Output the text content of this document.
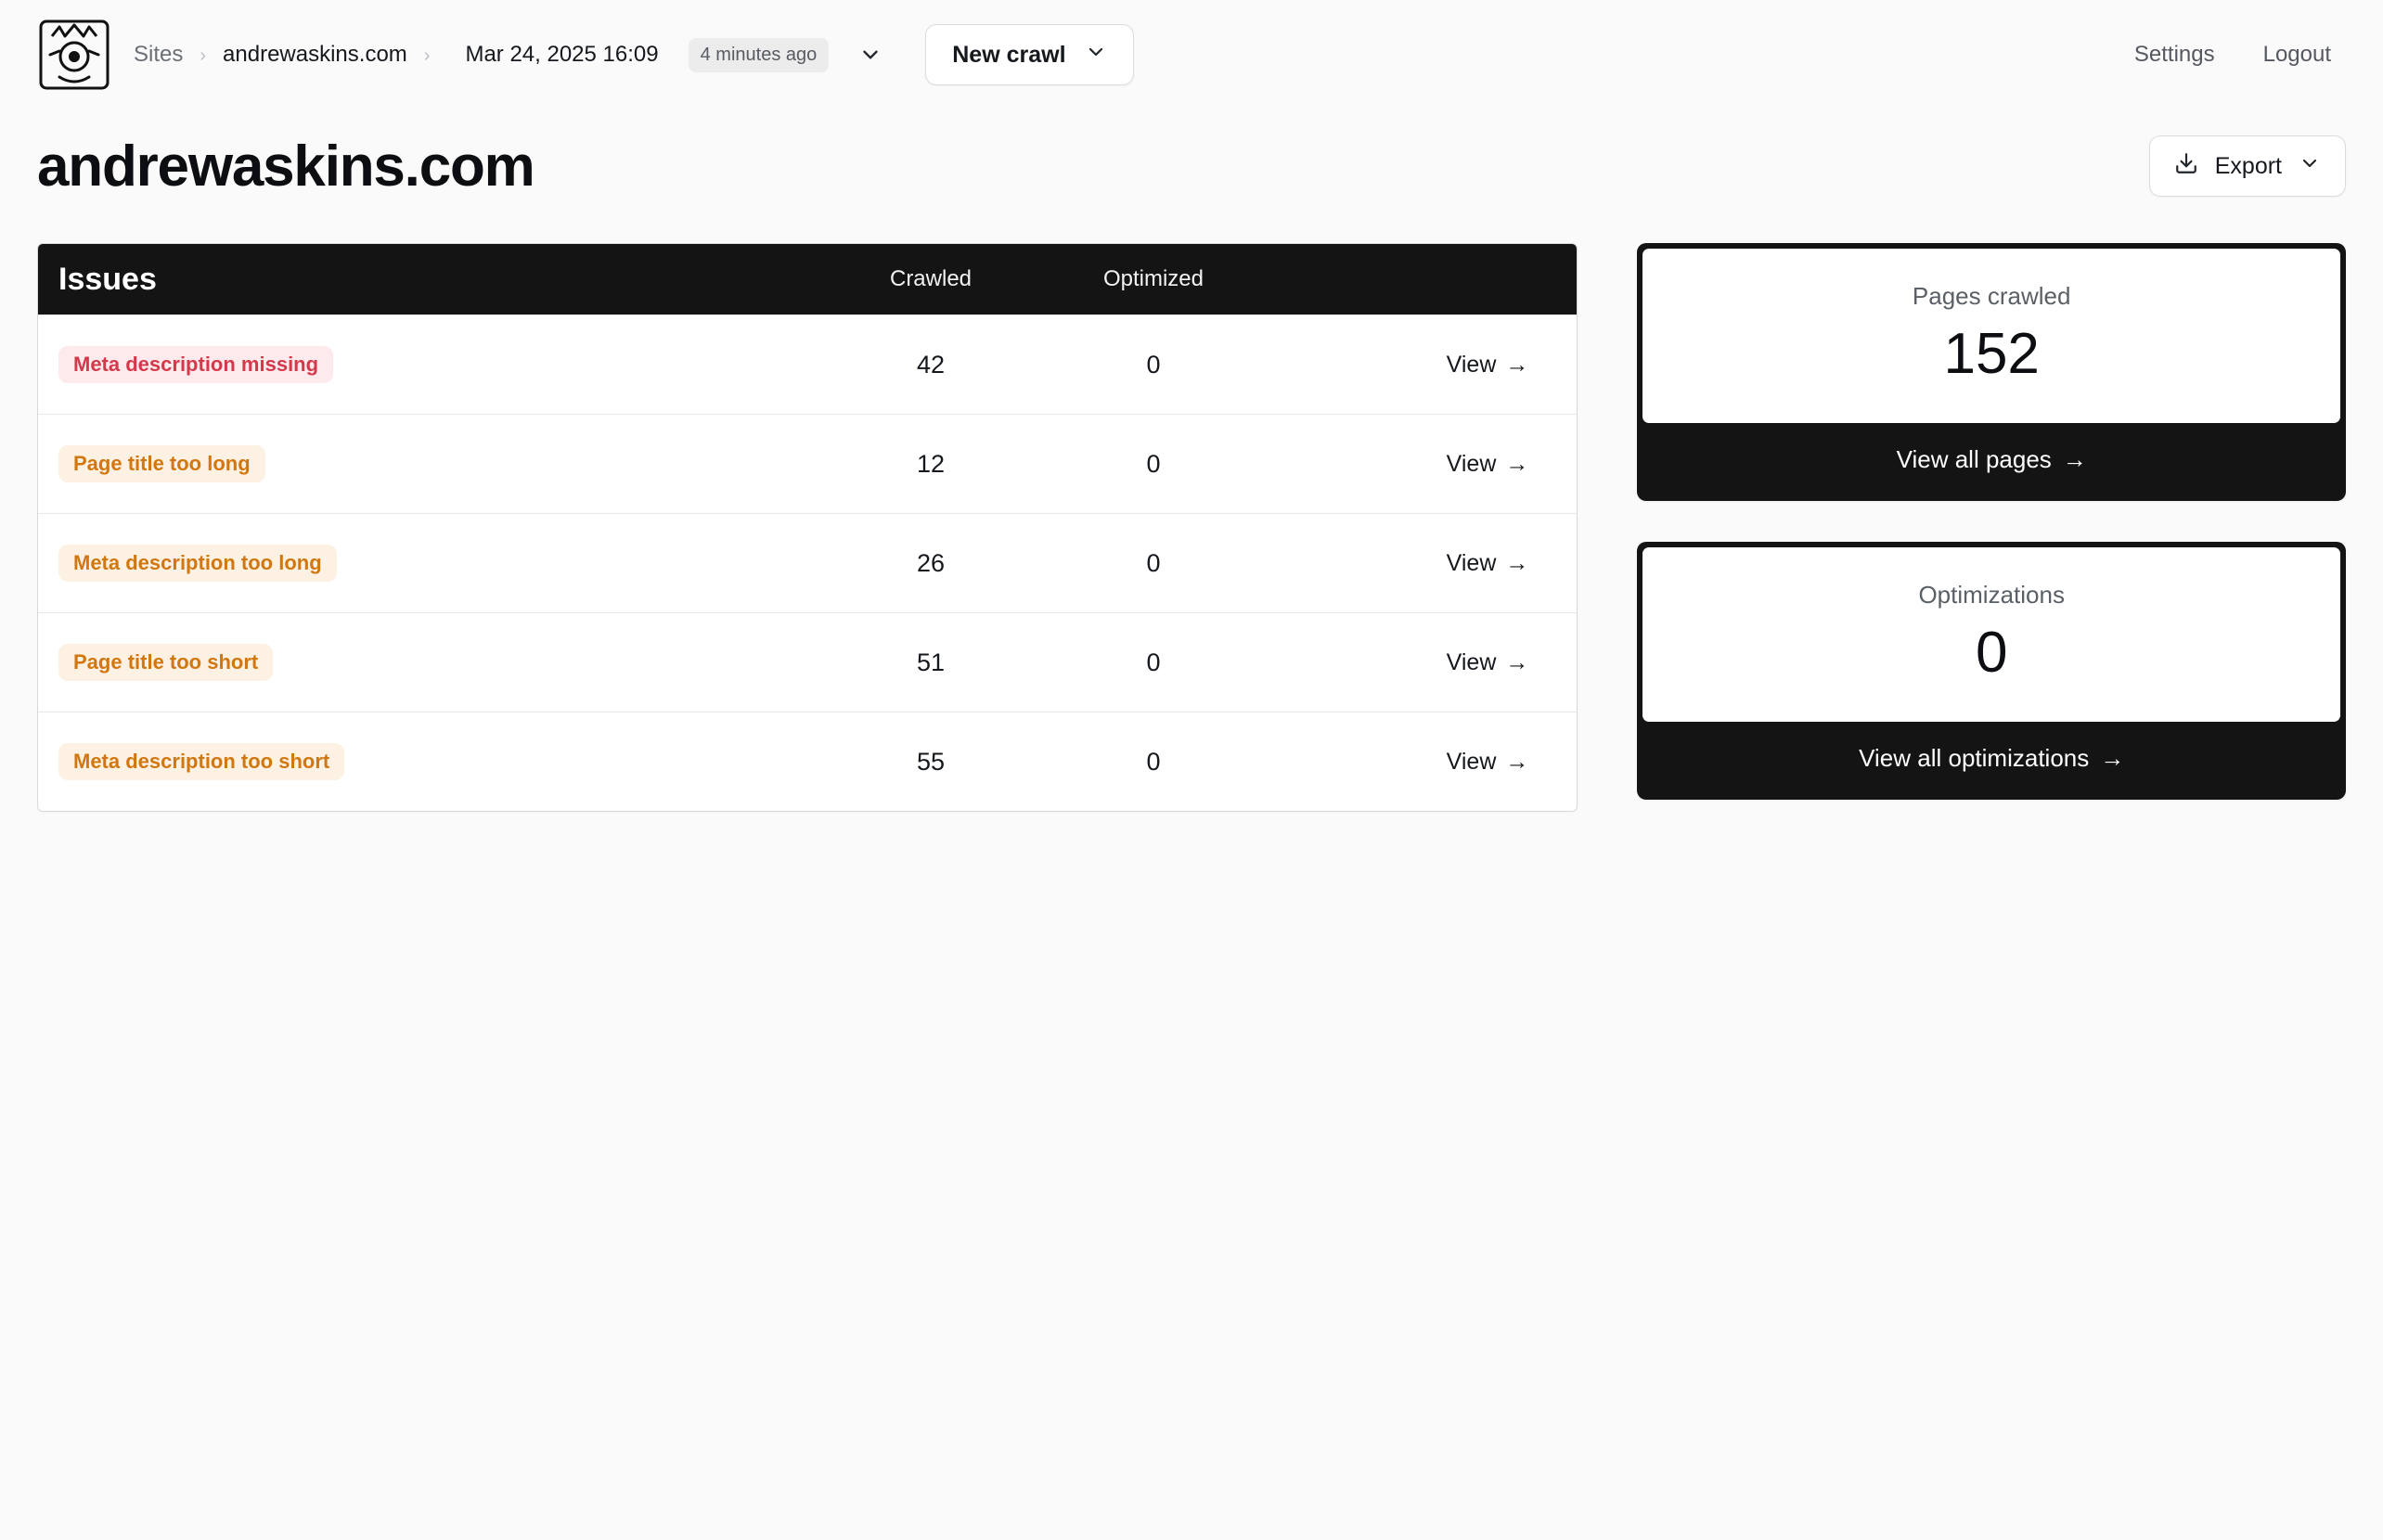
Sites › andrewaskins.com › Mar 24, 2025 16:09	4 minutes ago	New crawl	Settings Logout
andrewaskins.com	Export
Issues	Crawled	Optimized
Meta description missing	42	0	View →
Page title too long	12	0	View →
Meta description too long	26	0	View →
Page title too short	51	0	View →
Meta description too short	55	0	View →
Pages crawled
152
View all pages →
Optimizations
0
View all optimizations →
